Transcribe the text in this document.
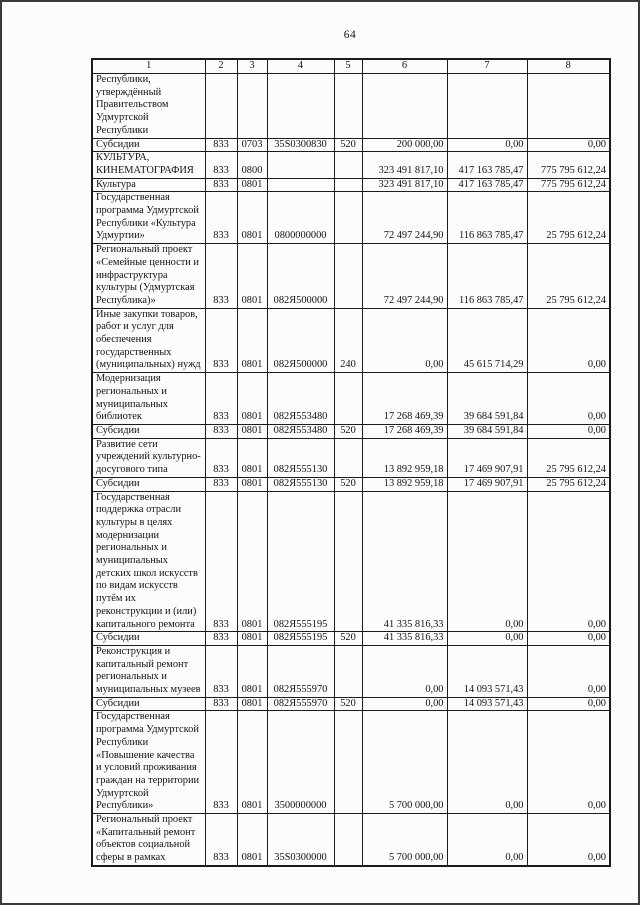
64
1	2	3	4	5	6	7	8
Республики, утверждённый Правительством Удмуртской Республики							
Субсидии	833	0703	35S0300830	520	200 000,00	0,00	0,00
КУЛЬТУРА, КИНЕМАТОГРАФИЯ	833	0800			323 491 817,10	417 163 785,47	775 795 612,24
Культура	833	0801			323 491 817,10	417 163 785,47	775 795 612,24
Государственная программа Удмуртской Республики «Культура Удмуртии»	833	0801	0800000000		72 497 244,90	116 863 785,47	25 795 612,24
Региональный проект «Семейные ценности и инфраструктура культуры (Удмуртская Республика)»	833	0801	082Я500000		72 497 244,90	116 863 785,47	25 795 612,24
Иные закупки товаров, работ и услуг для обеспечения государственных (муниципальных) нужд	833	0801	082Я500000	240	0,00	45 615 714,29	0,00
Модернизация региональных и муниципальных библиотек	833	0801	082Я553480		17 268 469,39	39 684 591,84	0,00
Субсидии	833	0801	082Я553480	520	17 268 469,39	39 684 591,84	0,00
Развитие сети учреждений культурно-досугового типа	833	0801	082Я555130		13 892 959,18	17 469 907,91	25 795 612,24
Субсидии	833	0801	082Я555130	520	13 892 959,18	17 469 907,91	25 795 612,24
Государственная поддержка отрасли культуры в целях модернизации региональных и муниципальных детских школ искусств по видам искусств путём их реконструкции и (или) капитального ремонта	833	0801	082Я555195		41 335 816,33	0,00	0,00
Субсидии	833	0801	082Я555195	520	41 335 816,33	0,00	0,00
Реконструкция и капитальный ремонт региональных и муниципальных музеев	833	0801	082Я555970		0,00	14 093 571,43	0,00
Субсидии	833	0801	082Я555970	520	0,00	14 093 571,43	0,00
Государственная программа Удмуртской Республики «Повышение качества и условий проживания граждан на территории Удмуртской Республики»	833	0801	3500000000		5 700 000,00	0,00	0,00
Региональный проект «Капитальный ремонт объектов социальной сферы в рамках	833	0801	35S0300000		5 700 000,00	0,00	0,00
